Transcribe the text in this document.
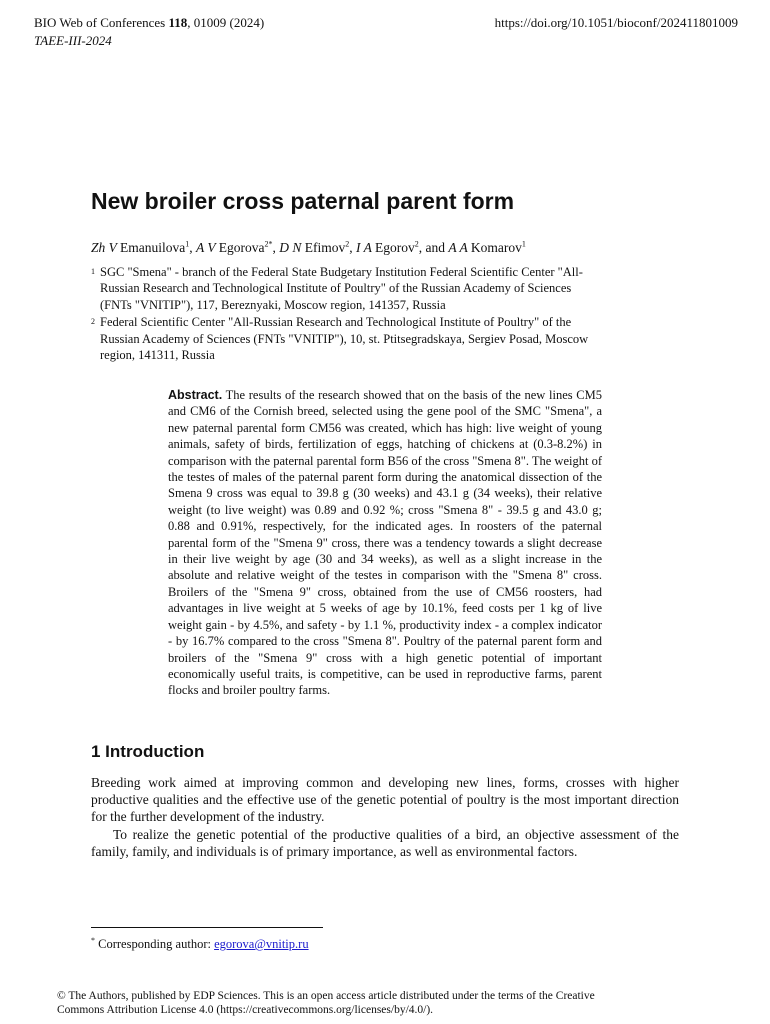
BIO Web of Conferences 118, 01009 (2024)	https://doi.org/10.1051/bioconf/202411801009
TAEE-III-2024
New broiler cross paternal parent form
Zh V Emanuilova$^1$, A V Egorova$^{2*}$, D N Efimov$^2$, I A Egorov$^2$, and A A Komarov$^1$
$^1$ SGC "Smena" - branch of the Federal State Budgetary Institution Federal Scientific Center "All-
Russian Research and Technological Institute of Poultry" of the Russian Academy of Sciences
(FNTs "VNITIP"), 117, Bereznyaki, Moscow region, 141357, Russia
$^2$ Federal Scientific Center "All-Russian Research and Technological Institute of Poultry" of the
Russian Academy of Sciences (FNTs "VNITIP"), 10, st. Ptitsegradskaya, Sergiev Posad, Moscow
region, 141311, Russia
Abstract. The results of the research showed that on the basis of the new lines CM5 and CM6 of the Cornish breed, selected using the gene pool of the SMC "Smena", a new paternal parental form CM56 was created, which has high: live weight of young animals, safety of birds, fertilization of eggs, hatching of chickens at (0.3-8.2%) in comparison with the paternal parental form B56 of the cross "Smena 8". The weight of the testes of males of the paternal parent form during the anatomical dissection of the Smena 9 cross was equal to 39.8 g (30 weeks) and 43.1 g (34 weeks), their relative weight (to live weight) was 0.89 and 0.92 %; cross "Smena 8" - 39.5 g and 43.0 g; 0.88 and 0.91%, respectively, for the indicated ages. In roosters of the paternal parental form of the "Smena 9" cross, there was a tendency towards a slight decrease in their live weight by age (30 and 34 weeks), as well as a slight increase in the absolute and relative weight of the testes in comparison with the "Smena 8" cross. Broilers of the "Smena 9" cross, obtained from the use of CM56 roosters, had advantages in live weight at 5 weeks of age by 10.1%, feed costs per 1 kg of live weight gain - by 4.5%, and safety - by 1.1 %, productivity index - a complex indicator - by 16.7% compared to the cross "Smena 8". Poultry of the paternal parent form and broilers of the "Smena 9" cross with a high genetic potential of important economically useful traits, is competitive, can be used in reproductive farms, parent flocks and broiler poultry farms.
1 Introduction

Breeding work aimed at improving common and developing new lines, forms, crosses with higher productive qualities and the effective use of the genetic potential of poultry is the most important direction for the further development of the industry.

To realize the genetic potential of the productive qualities of a bird, an objective assessment of the family, family, and individuals is of primary importance, as well as environmental factors.

* Corresponding author: egorova@vnitip.ru
© The Authors, published by EDP Sciences. This is an open access article distributed under the terms of the Creative
Commons Attribution License 4.0 (https://creativecommons.org/licenses/by/4.0/).
